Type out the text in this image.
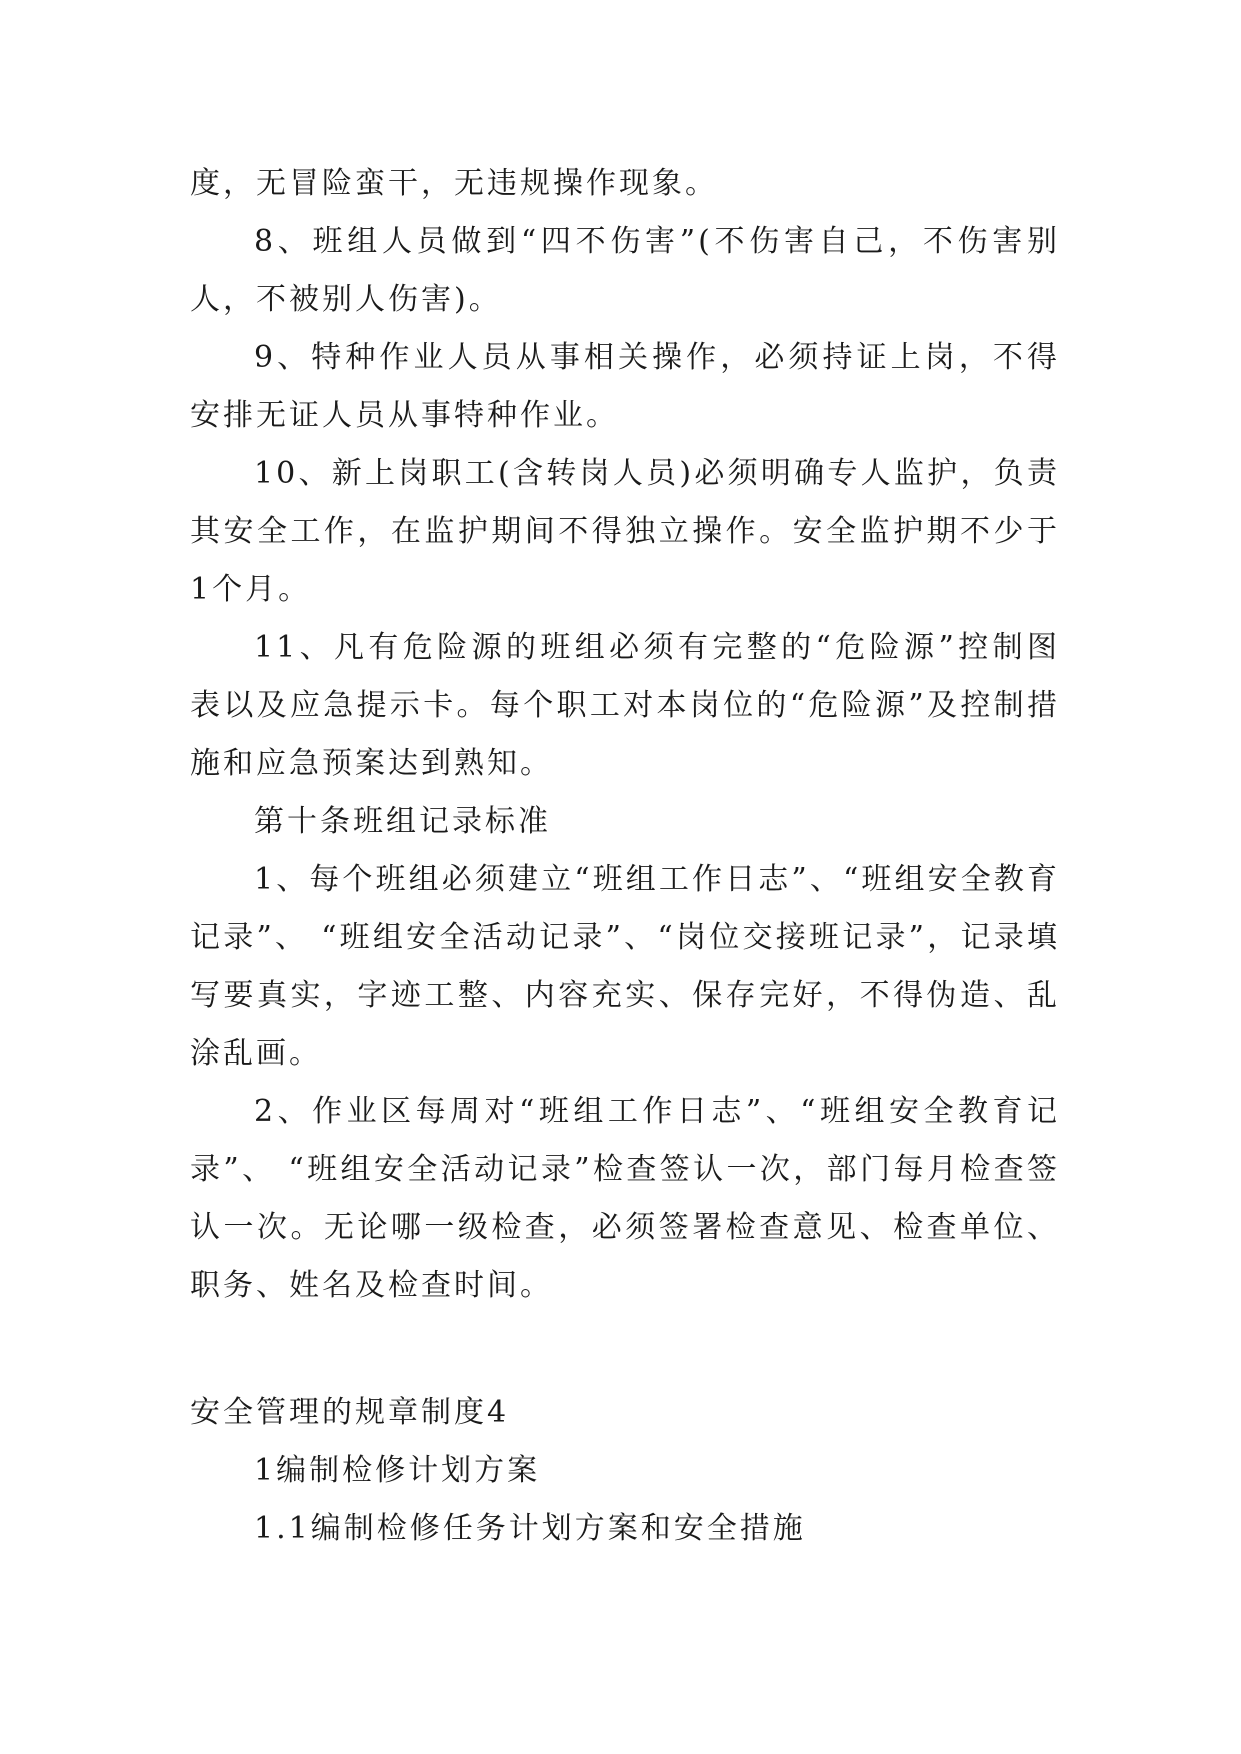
度，无冒险蛮干，无违规操作现象。

8、班组人员做到“四不伤害”(不伤害自己，不伤害别人，不被别人伤害)。

9、特种作业人员从事相关操作，必须持证上岗，不得安排无证人员从事特种作业。

10、新上岗职工(含转岗人员)必须明确专人监护，负责其安全工作，在监护期间不得独立操作。安全监护期不少于1个月。

11、凡有危险源的班组必须有完整的“危险源”控制图表以及应急提示卡。每个职工对本岗位的“危险源”及控制措施和应急预案达到熟知。

第十条班组记录标准

1、每个班组必须建立“班组工作日志”、“班组安全教育记录”、 “班组安全活动记录”、“岗位交接班记录”，记录填写要真实，字迹工整、内容充实、保存完好，不得伪造、乱涂乱画。

2、作业区每周对“班组工作日志”、“班组安全教育记录”、 “班组安全活动记录”检查签认一次，部门每月检查签认一次。无论哪一级检查，必须签署检查意见、检查单位、职务、姓名及检查时间。

安全管理的规章制度4

1编制检修计划方案

1.1编制检修任务计划方案和安全措施
